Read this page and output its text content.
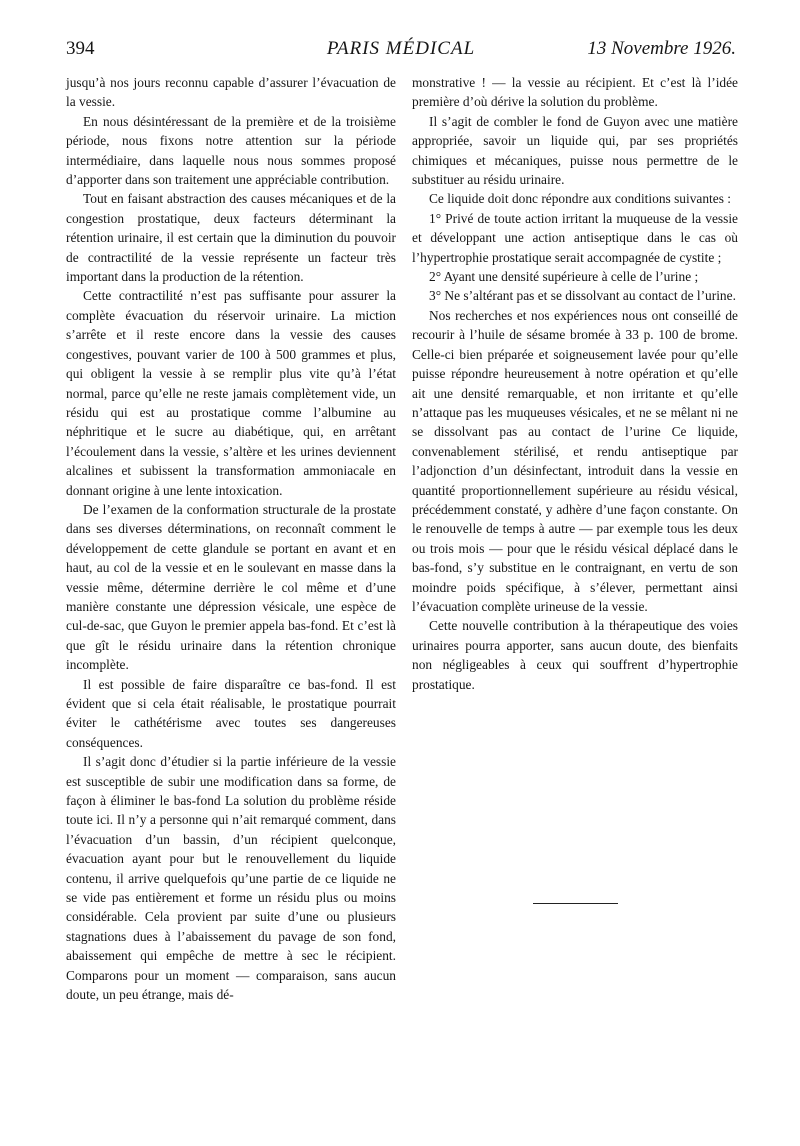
394	PARIS MÉDICAL	13 Novembre 1926.

jusqu’à nos jours reconnu capable d’assurer l’évacuation de la vessie.

En nous désintéressant de la première et de la troisième période, nous fixons notre attention sur la période intermédiaire, dans laquelle nous nous sommes proposé d’apporter dans son traitement une appréciable contribution.

Tout en faisant abstraction des causes mécaniques et de la congestion prostatique, deux facteurs déterminant la rétention urinaire, il est certain que la diminution du pouvoir de contractilité de la vessie représente un facteur très important dans la production de la rétention.

Cette contractilité n’est pas suffisante pour assurer la complète évacuation du réservoir urinaire. La miction s’arrête et il reste encore dans la vessie des causes congestives, pouvant varier de 100 à 500 grammes et plus, qui obligent la vessie à se remplir plus vite qu’à l’état normal, parce qu’elle ne reste jamais complètement vide, un résidu qui est au prostatique comme l’albumine au néphritique et le sucre au diabétique, qui, en arrêtant l’écoulement dans la vessie, s’altère et les urines deviennent alcalines et subissent la transformation ammoniacale en donnant origine à une lente intoxication.

De l’examen de la conformation structurale de la prostate dans ses diverses déterminations, on reconnaît comment le développement de cette glandule se portant en avant et en haut, au col de la vessie et en le soulevant en masse dans la vessie même, détermine derrière le col même et d’une manière constante une dépression vésicale, une espèce de cul-de-sac, que Guyon le premier appela bas-fond. Et c’est là que gît le résidu urinaire dans la rétention chronique incomplète.

Il est possible de faire disparaître ce bas-fond. Il est évident que si cela était réalisable, le prostatique pourrait éviter le cathétérisme avec toutes ses dangereuses conséquences.

Il s’agit donc d’étudier si la partie inférieure de la vessie est susceptible de subir une modification dans sa forme, de façon à éliminer le bas-fond La solution du problème réside toute ici. Il n’y a personne qui n’ait remarqué comment, dans l’évacuation d’un bassin, d’un récipient quelconque, évacuation ayant pour but le renouvellement du liquide contenu, il arrive quelquefois qu’une partie de ce liquide ne se vide pas entièrement et forme un résidu plus ou moins considérable. Cela provient par suite d’une ou plusieurs stagnations dues à l’abaissement du pavage de son fond, abaissement qui empêche de mettre à sec le récipient. Comparons pour un moment — comparaison, sans aucun doute, un peu étrange, mais dé-

monstrative ! — la vessie au récipient. Et c’est là l’idée première d’où dérive la solution du problème.

Il s’agit de combler le fond de Guyon avec une matière appropriée, savoir un liquide qui, par ses propriétés chimiques et mécaniques, puisse nous permettre de le substituer au résidu urinaire.

Ce liquide doit donc répondre aux conditions suivantes :

1° Privé de toute action irritant la muqueuse de la vessie et développant une action antiseptique dans le cas où l’hypertrophie prostatique serait accompagnée de cystite ;

2° Ayant une densité supérieure à celle de l’urine ;

3° Ne s’altérant pas et se dissolvant au contact de l’urine.

Nos recherches et nos expériences nous ont conseillé de recourir à l’huile de sésame bromée à 33 p. 100 de brome. Celle-ci bien préparée et soigneusement lavée pour qu’elle puisse répondre heureusement à notre opération et qu’elle ait une densité remarquable, et non irritante et qu’elle n’attaque pas les muqueuses vésicales, et ne se mêlant ni ne se dissolvant pas au contact de l’urine Ce liquide, convenablement stérilisé, et rendu antiseptique par l’adjonction d’un désinfectant, introduit dans la vessie en quantité proportionnellement supérieure au résidu vésical, précédemment constaté, y adhère d’une façon constante. On le renouvelle de temps à autre — par exemple tous les deux ou trois mois — pour que le résidu vésical déplacé dans le bas-fond, s’y substitue en le contraignant, en vertu de son moindre poids spécifique, à s’élever, permettant ainsi l’évacuation complète urineuse de la vessie.

Cette nouvelle contribution à la thérapeutique des voies urinaires pourra apporter, sans aucun doute, des bienfaits non négligeables à ceux qui souffrent d’hypertrophie prostatique.
